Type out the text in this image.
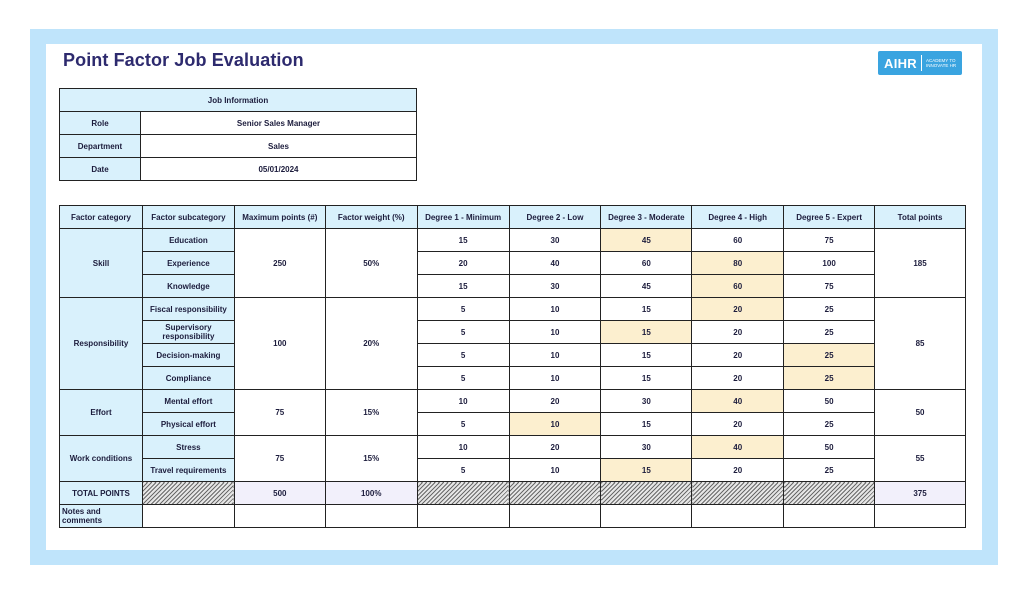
Point Factor Job Evaluation	AIHR ACADEMY TO INNOVATE HR
Job Information	
Role	Senior Sales Manager
Department	Sales
Date	05/01/2024
Factor category	Factor subcategory	Maximum points (#)	Factor weight (%)	Degree 1 - Minimum	Degree 2 - Low	Degree 3 - Moderate	Degree 4 - High	Degree 5 - Expert	Total points
Skill	Education	250	50%	15	30	45	60	75	185
	Experience			20	40	60	80	100	
	Knowledge			15	30	45	60	75	
Responsibility	Fiscal responsibility	100	20%	5	10	15	20	25	85
	Supervisory responsibility			5	10	15	20	25	
	Decision-making			5	10	15	20	25	
	Compliance			5	10	15	20	25	
Effort	Mental effort	75	15%	10	20	30	40	50	50
	Physical effort			5	10	15	20	25	
Work conditions	Stress	75	15%	10	20	30	40	50	55
	Travel requirements			5	10	15	20	25	
TOTAL POINTS		500	100%						375
Notes and comments									
